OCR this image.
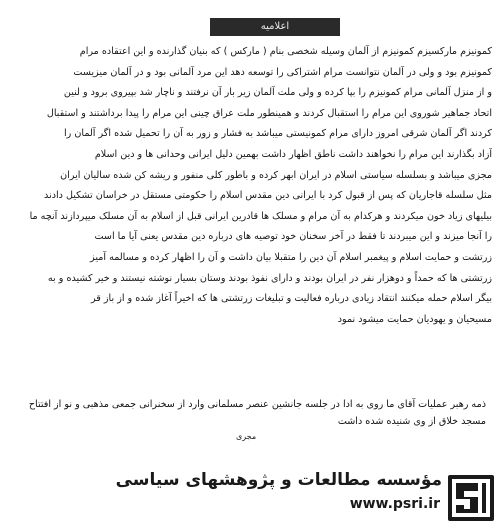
اعلامیه
کمونیزم مارکسیزم کمونیزم از آلمان وسیله شخصی بنام ( مارکس ) که بنیان گذارنده و این اعتقاده مرام
کمونیزم بود و ولی در آلمان نتوانست مرام اشتراکی را توسعه دهد این مرد آلمانی بود و در آلمان میزیست
و از منزل آلمانی مرام کمونیزم را بپا کرده و ولی ملت آلمان زیر بار آن نرفتند و ناچار شد بپیروی برود و لنین
اتحاد جماهیر شوروی این مرام را استقبال کردند و همینطور ملت عراق چینی این مرام را پیدا برداشتند و استقبال
کردند اگر آلمان شرقی امروز دارای مرام کمونیستی میباشد به فشار و زور به آن را تحمیل شده اگر آلمان را
آزاد بگذارند این مرام را نخواهند داشت ناطق اظهار داشت بهمین دلیل ایرانی وحدانی ها و دین اسلام
مجزی میباشد و بسلسله سیاستی اسلام در ایران ابهر کرده و باطور کلی منفور و ریشه کن شده سالیان ایران
مثل سلسله قاجاریان که پس از قبول کرد با ایرانی دین مقدس اسلام را حکومتی مستقل در خراسان تشکیل دادند
بیلیهای زیاد خون میکردند و هرکدام به آن مرام و مسلک ها قادرین ایرانی قبل از اسلام به آن مسلک میپردازند آنچه ما
را آنجا میزند و این میبردند تا فقط در آخر سخنان خود توصیه های درباره دین مقدس یعنی آیا ما است
زرتشت و حمایت اسلام و پیغمبر اسلام آن دین را متقبلا بیان داشت و آن را اظهار کرده و مسالمه آمیز
زرتشتی ها که حمداً و دوهزار نفر در ایران بودند و دارای نفوذ بودند وستان بسیار نوشته نیستند و خیر کشیده و به
بیگر اسلام حمله میکنند انتقاد زیادی درباره فعالیت و تبلیغات زرتشتی ها که اخیراً آغاز شده و از باز قر
مسیحیان و یهودیان حمایت میشود نمود
ذمه رهبر عملیات آقای ما روی به ادا در جلسه جانشین عنصر مسلمانی وارد از سخنرانی جمعی مذهبی و نو از افتتاح
مسجد خلاق از وی شنیده شده داشت
مجری
مؤسسه مطالعات و پژوهشهای سیاسی
www.psri.ir
